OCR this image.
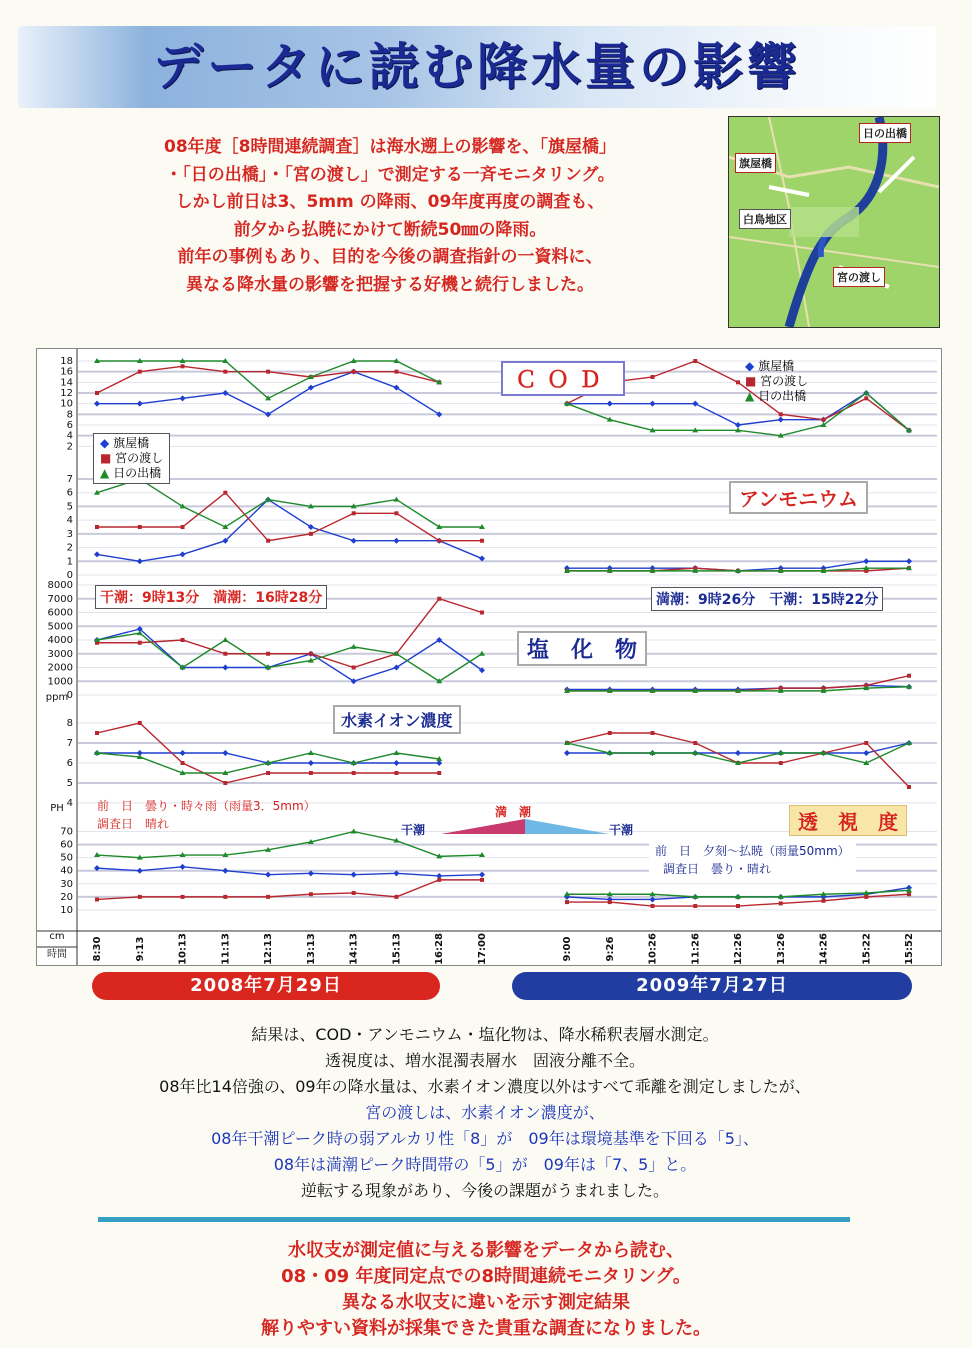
データに読む降水量の影響
08年度［8時間連続調査］は海水遡上の影響を、「旗屋橋」
・「日の出橋」・「宮の渡し」で測定する一斉モニタリング。
しかし前日は3、5mm の降雨、09年度再度の調査も、
前夕から払暁にかけて断続50㎜の降雨。
前年の事例もあり、目的を今後の調査指針の一資料に、
異なる降水量の影響を把握する好機と続行しました。
日の出橋
旗屋橋
宮の渡し
白鳥地区
2
4
6
8
10
12
14
16
18
0
1
2
3
4
5
6
7
0
1000
2000
3000
4000
5000
6000
7000
8000
4
5
6
7
8
10
20
30
40
50
60
70
ppm
PH
cm
時間	8:30	9:13	10:13	11:13	12:13	13:13	14:13	15:13	16:28	17:00	9:00	9:26	10:26	11:26	12:26	13:26	14:26	15:22	15:52
◆ 旗屋橋
■ 宮の渡し
▲ 日の出橋
◆ 旗屋橋
■ 宮の渡し
▲ 日の出橋
ＣＯＤ
アンモニウム
塩　化　物
水素イオン濃度
透　視　度
干潮：9時13分　満潮：16時28分	満潮：9時26分　干潮：15時22分
前　日　曇り・時々雨（雨量3．5mm）
調査日　晴れ
前　日　夕刻～払暁（雨量50mm）
調査日　曇り・晴れ
干潮
満　潮
干潮
2008年7月29日	2009年7月27日
結果は、COD・アンモニウム・塩化物は、降水稀釈表層水測定。
透視度は、増水混濁表層水　固液分離不全。
08年比14倍強の、09年の降水量は、水素イオン濃度以外はすべて乖離を測定しましたが、
宮の渡しは、水素イオン濃度が、
08年干潮ピーク時の弱アルカリ性「8」が　09年は環境基準を下回る「5」、
08年は満潮ピーク時間帯の「5」が　09年は「7、5」と。
逆転する現象があり、今後の課題がうまれました。
水収支が測定値に与える影響をデータから読む、
08・09 年度同定点での8時間連続モニタリング。
異なる水収支に違いを示す測定結果
解りやすい資料が採集できた貴重な調査になりました。
